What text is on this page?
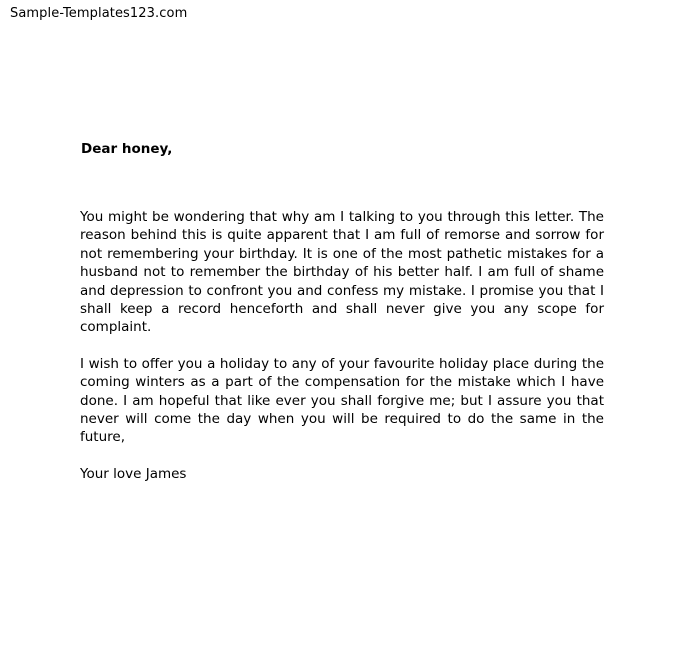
Sample-Templates123.com

Dear honey,

You might be wondering that why am I talking to you through this letter. The reason behind this is quite apparent that I am full of remorse and sorrow for not remembering your birthday. It is one of the most pathetic mistakes for a husband not to remember the birthday of his better half. I am full of shame and depression to confront you and confess my mistake. I promise you that I shall keep a record henceforth and shall never give you any scope for complaint.

I wish to offer you a holiday to any of your favourite holiday place during the coming winters as a part of the compensation for the mistake which I have done. I am hopeful that like ever you shall forgive me; but I assure you that never will come the day when you will be required to do the same in the future,

Your love James
